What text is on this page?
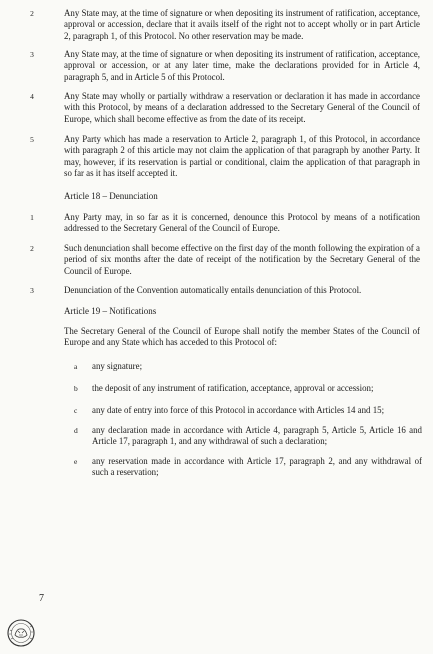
2	Any State may, at the time of signature or when depositing its instrument of ratification, acceptance, approval or accession, declare that it avails itself of the right not to accept wholly or in part Article 2, paragraph 1, of this Protocol. No other reservation may be made.
3	Any State may, at the time of signature or when depositing its instrument of ratification, acceptance, approval or accession, or at any later time, make the declarations provided for in Article 4, paragraph 5, and in Article 5 of this Protocol.
4	Any State may wholly or partially withdraw a reservation or declaration it has made in accordance with this Protocol, by means of a declaration addressed to the Secretary General of the Council of Europe, which shall become effective as from the date of its receipt.
5	Any Party which has made a reservation to Article 2, paragraph 1, of this Protocol, in accordance with paragraph 2 of this article may not claim the application of that paragraph by another Party. It may, however, if its reservation is partial or conditional, claim the application of that paragraph in so far as it has itself accepted it.
Article 18 – Denunciation
1	Any Party may, in so far as it is concerned, denounce this Protocol by means of a notification addressed to the Secretary General of the Council of Europe.
2	Such denunciation shall become effective on the first day of the month following the expiration of a period of six months after the date of receipt of the notification by the Secretary General of the Council of Europe.
3	Denunciation of the Convention automatically entails denunciation of this Protocol.
Article 19 – Notifications
The Secretary General of the Council of Europe shall notify the member States of the Council of Europe and any State which has acceded to this Protocol of:
a any signature;
b the deposit of any instrument of ratification, acceptance, approval or accession;
c any date of entry into force of this Protocol in accordance with Articles 14 and 15;
d any declaration made in accordance with Article 4, paragraph 5, Article 5, Article 16 and Article 17, paragraph 1, and any withdrawal of such a declaration;
e any reservation made in accordance with Article 17, paragraph 2, and any withdrawal of such a reservation;
7
